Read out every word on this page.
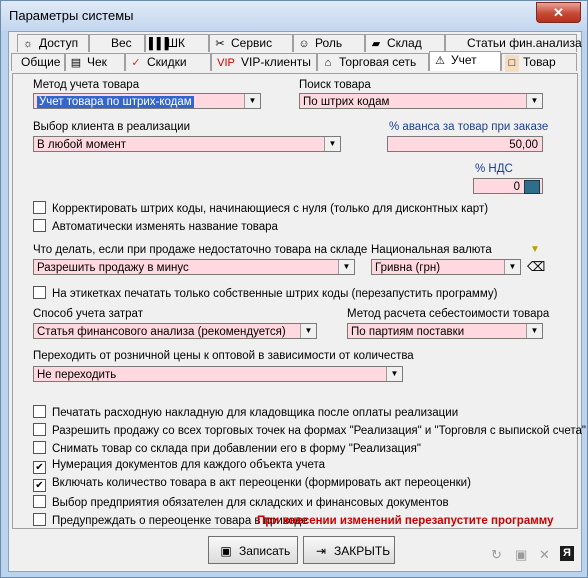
Параметры системы	✕
☼ Доступ	Вес	▌▌▌ШК	✂ Сервис	☺ Роль	▰ Склад	Статьи фин.анализа
Общие ▤ Чек	✓ Скидки	VIP VIP-клиенты	⌂ Торговая сеть	⚠ Учет	□ Товар
Метод учета товара
Учет товара по штрих-кодам	▼
Поиск товара
По штрих кодам	▼
Выбор клиента в реализации
В любой момент	▼
% аванса за товар при заказе
50,00
% НДС
0
Корректировать штрих коды, начинающиеся с нуля (только для дисконтных карт)
Автоматически изменять название товара
Что делать, если при продаже недостаточно товара на складе
Разрешить продажу в минус	▼
Национальная валюта	▼
Гривна (грн)	▼ ⌫
На этикетках печатать только собственные штрих коды (перезапустить программу)
Способ учета затрат
Статья финансового анализа (рекомендуется)	▼
Метод расчета себестоимости товара
По партиям поставки	▼
Переходить от розничной цены к оптовой в зависимости от количества
Не переходить	▼
Печатать расходную накладную для кладовщика после оплаты реализации
Разрешить продажу со всех торговых точек на формах "Реализация" и "Торговля с выпиской счета"
Снимать товар со склада при добавлении его в форму "Реализация"
✔ Нумерация документов для каждого объекта учета
✔ Включать количество товара в акт переоценки (формировать акт переоценки)
Выбор предприятия обязателен для складских и финансовых документов
Предупреждать о переоценке товара в приходе
При внесении изменений перезапустите программу
▣ Записать	⇥ ЗАКРЫТЬ	↻ ▣ ✕ Я
